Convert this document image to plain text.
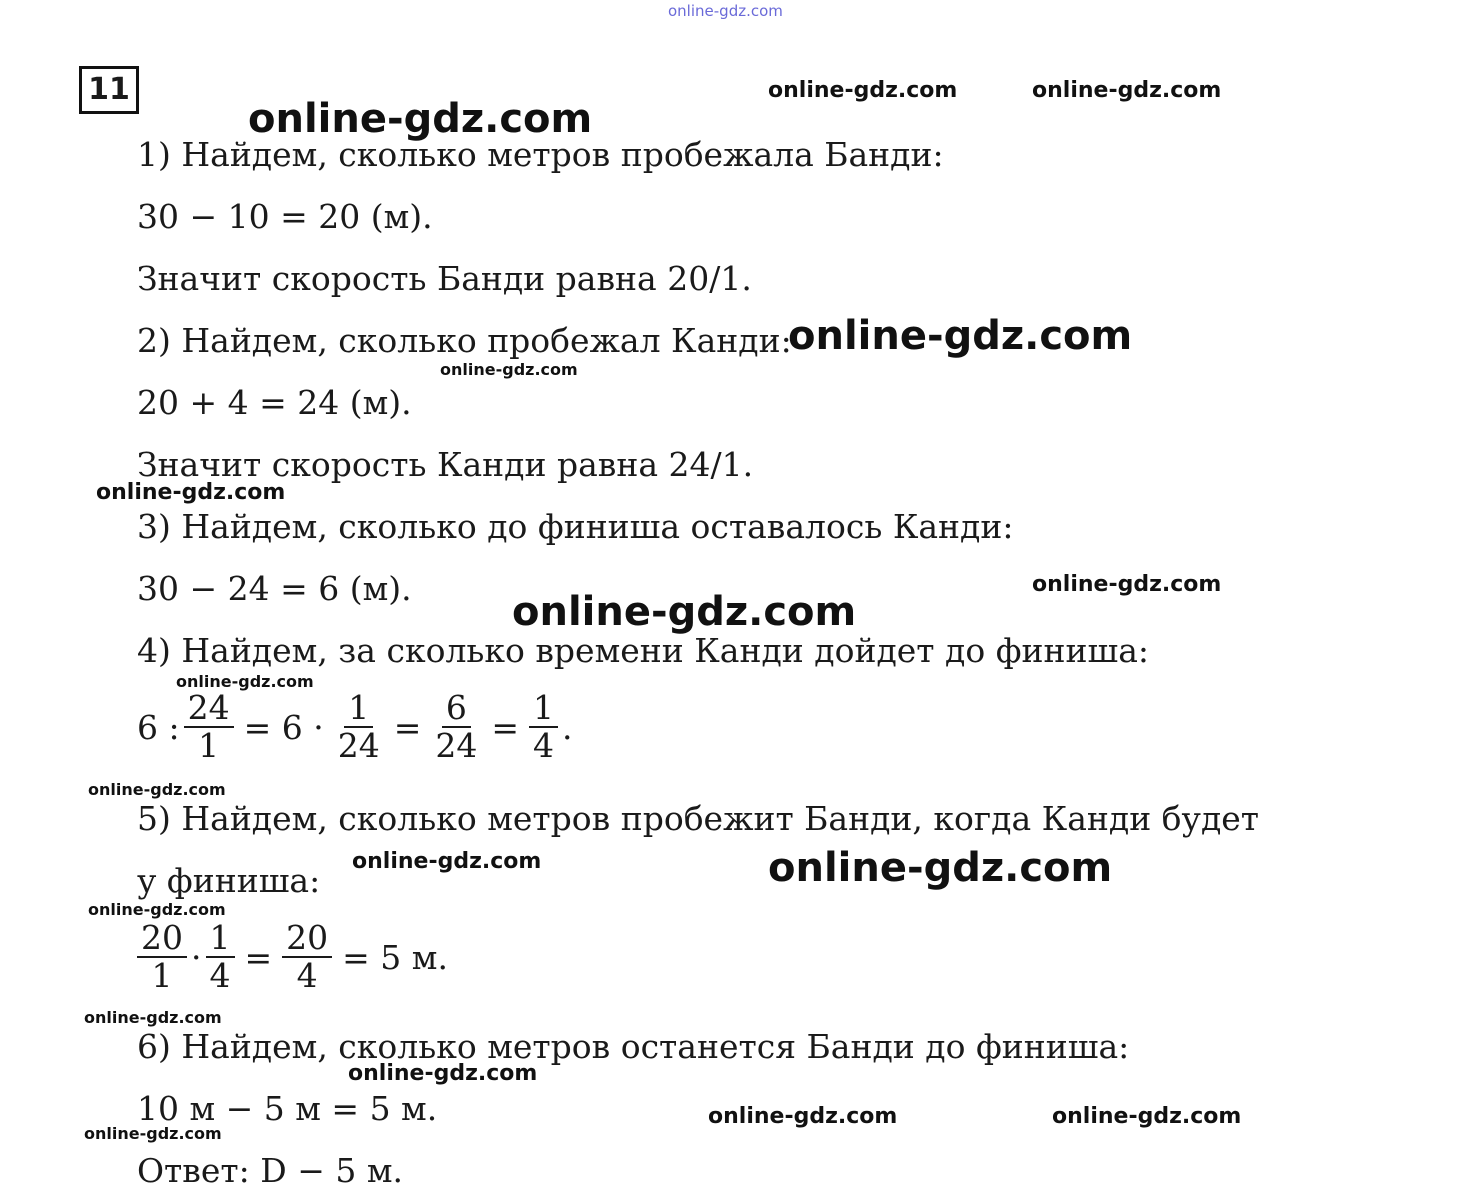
online-gdz.com
11	online-gdz.com	online-gdz.com
online-gdz.com
online-gdz.com
online-gdz.com
online-gdz.com
online-gdz.com
online-gdz.com
online-gdz.com
online-gdz.com
online-gdz.com	online-gdz.com
online-gdz.com
online-gdz.com
online-gdz.com
online-gdz.com	online-gdz.com
online-gdz.com
1) Найдем, сколько метров пробежала Банди:
30 − 10 = 20 (м).
Значит скорость Банди равна 20/1.
2) Найдем, сколько пробежал Канди:
20 + 4 = 24 (м).
Значит скорость Канди равна 24/1.
3) Найдем, сколько до финиша оставалось Канди:
30 − 24 = 6 (м).
4) Найдем, за сколько времени Канди дойдет до финиша:
6 : $\frac{24}{1} = 6 \cdot \frac{1}{24} = \frac{6}{24} = \frac{1}{4}$ .
5) Найдем, сколько метров пробежит Банди, когда Канди будет
у финиша:
$\frac{20}{1} \cdot \frac{1}{4} = \frac{20}{4} = 5$ м.
6) Найдем, сколько метров останется Банди до финиша:
10 м − 5 м = 5 м.
Ответ: D − 5 м.
